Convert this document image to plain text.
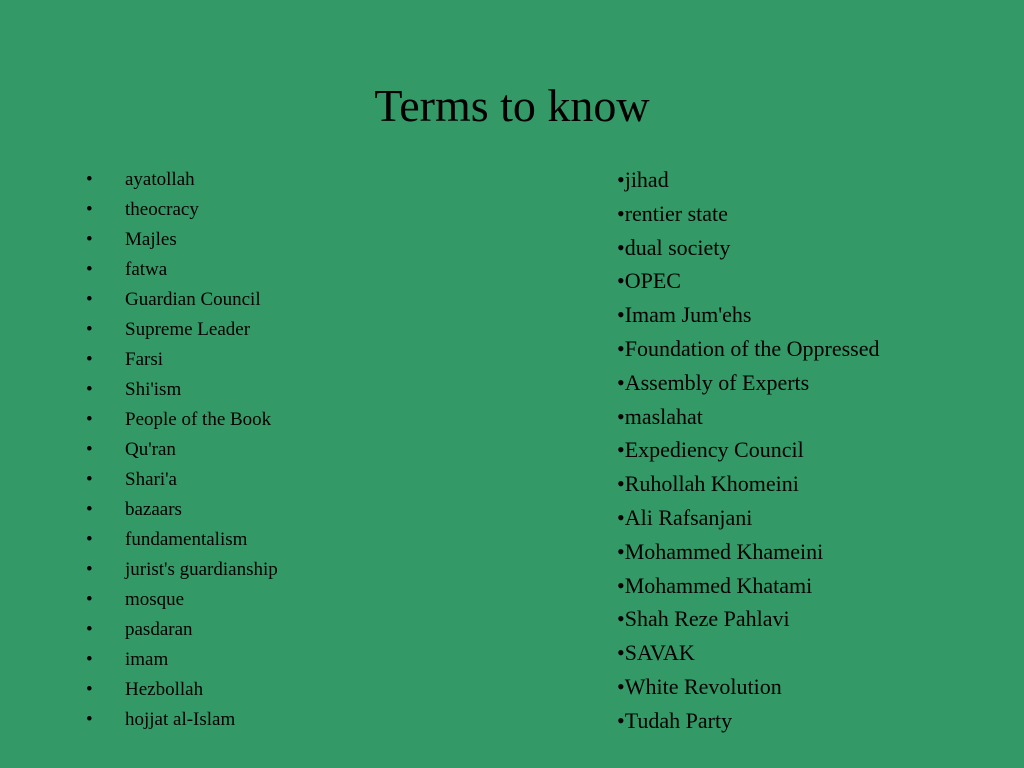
Terms to know
• ayatollah
• theocracy
• Majles
• fatwa
• Guardian Council
• Supreme Leader
• Farsi
• Shi'ism
• People of the Book
• Qu'ran
• Shari'a
• bazaars
• fundamentalism
• jurist's guardianship
• mosque
• pasdaran
• imam
• Hezbollah
• hojjat al-Islam
•jihad
•rentier state
•dual society
•OPEC
•Imam Jum'ehs
•Foundation of the Oppressed
•Assembly of Experts
•maslahat
•Expediency Council
•Ruhollah Khomeini
•Ali Rafsanjani
•Mohammed Khameini
•Mohammed Khatami
•Shah Reze Pahlavi
•SAVAK
•White Revolution
•Tudah Party
